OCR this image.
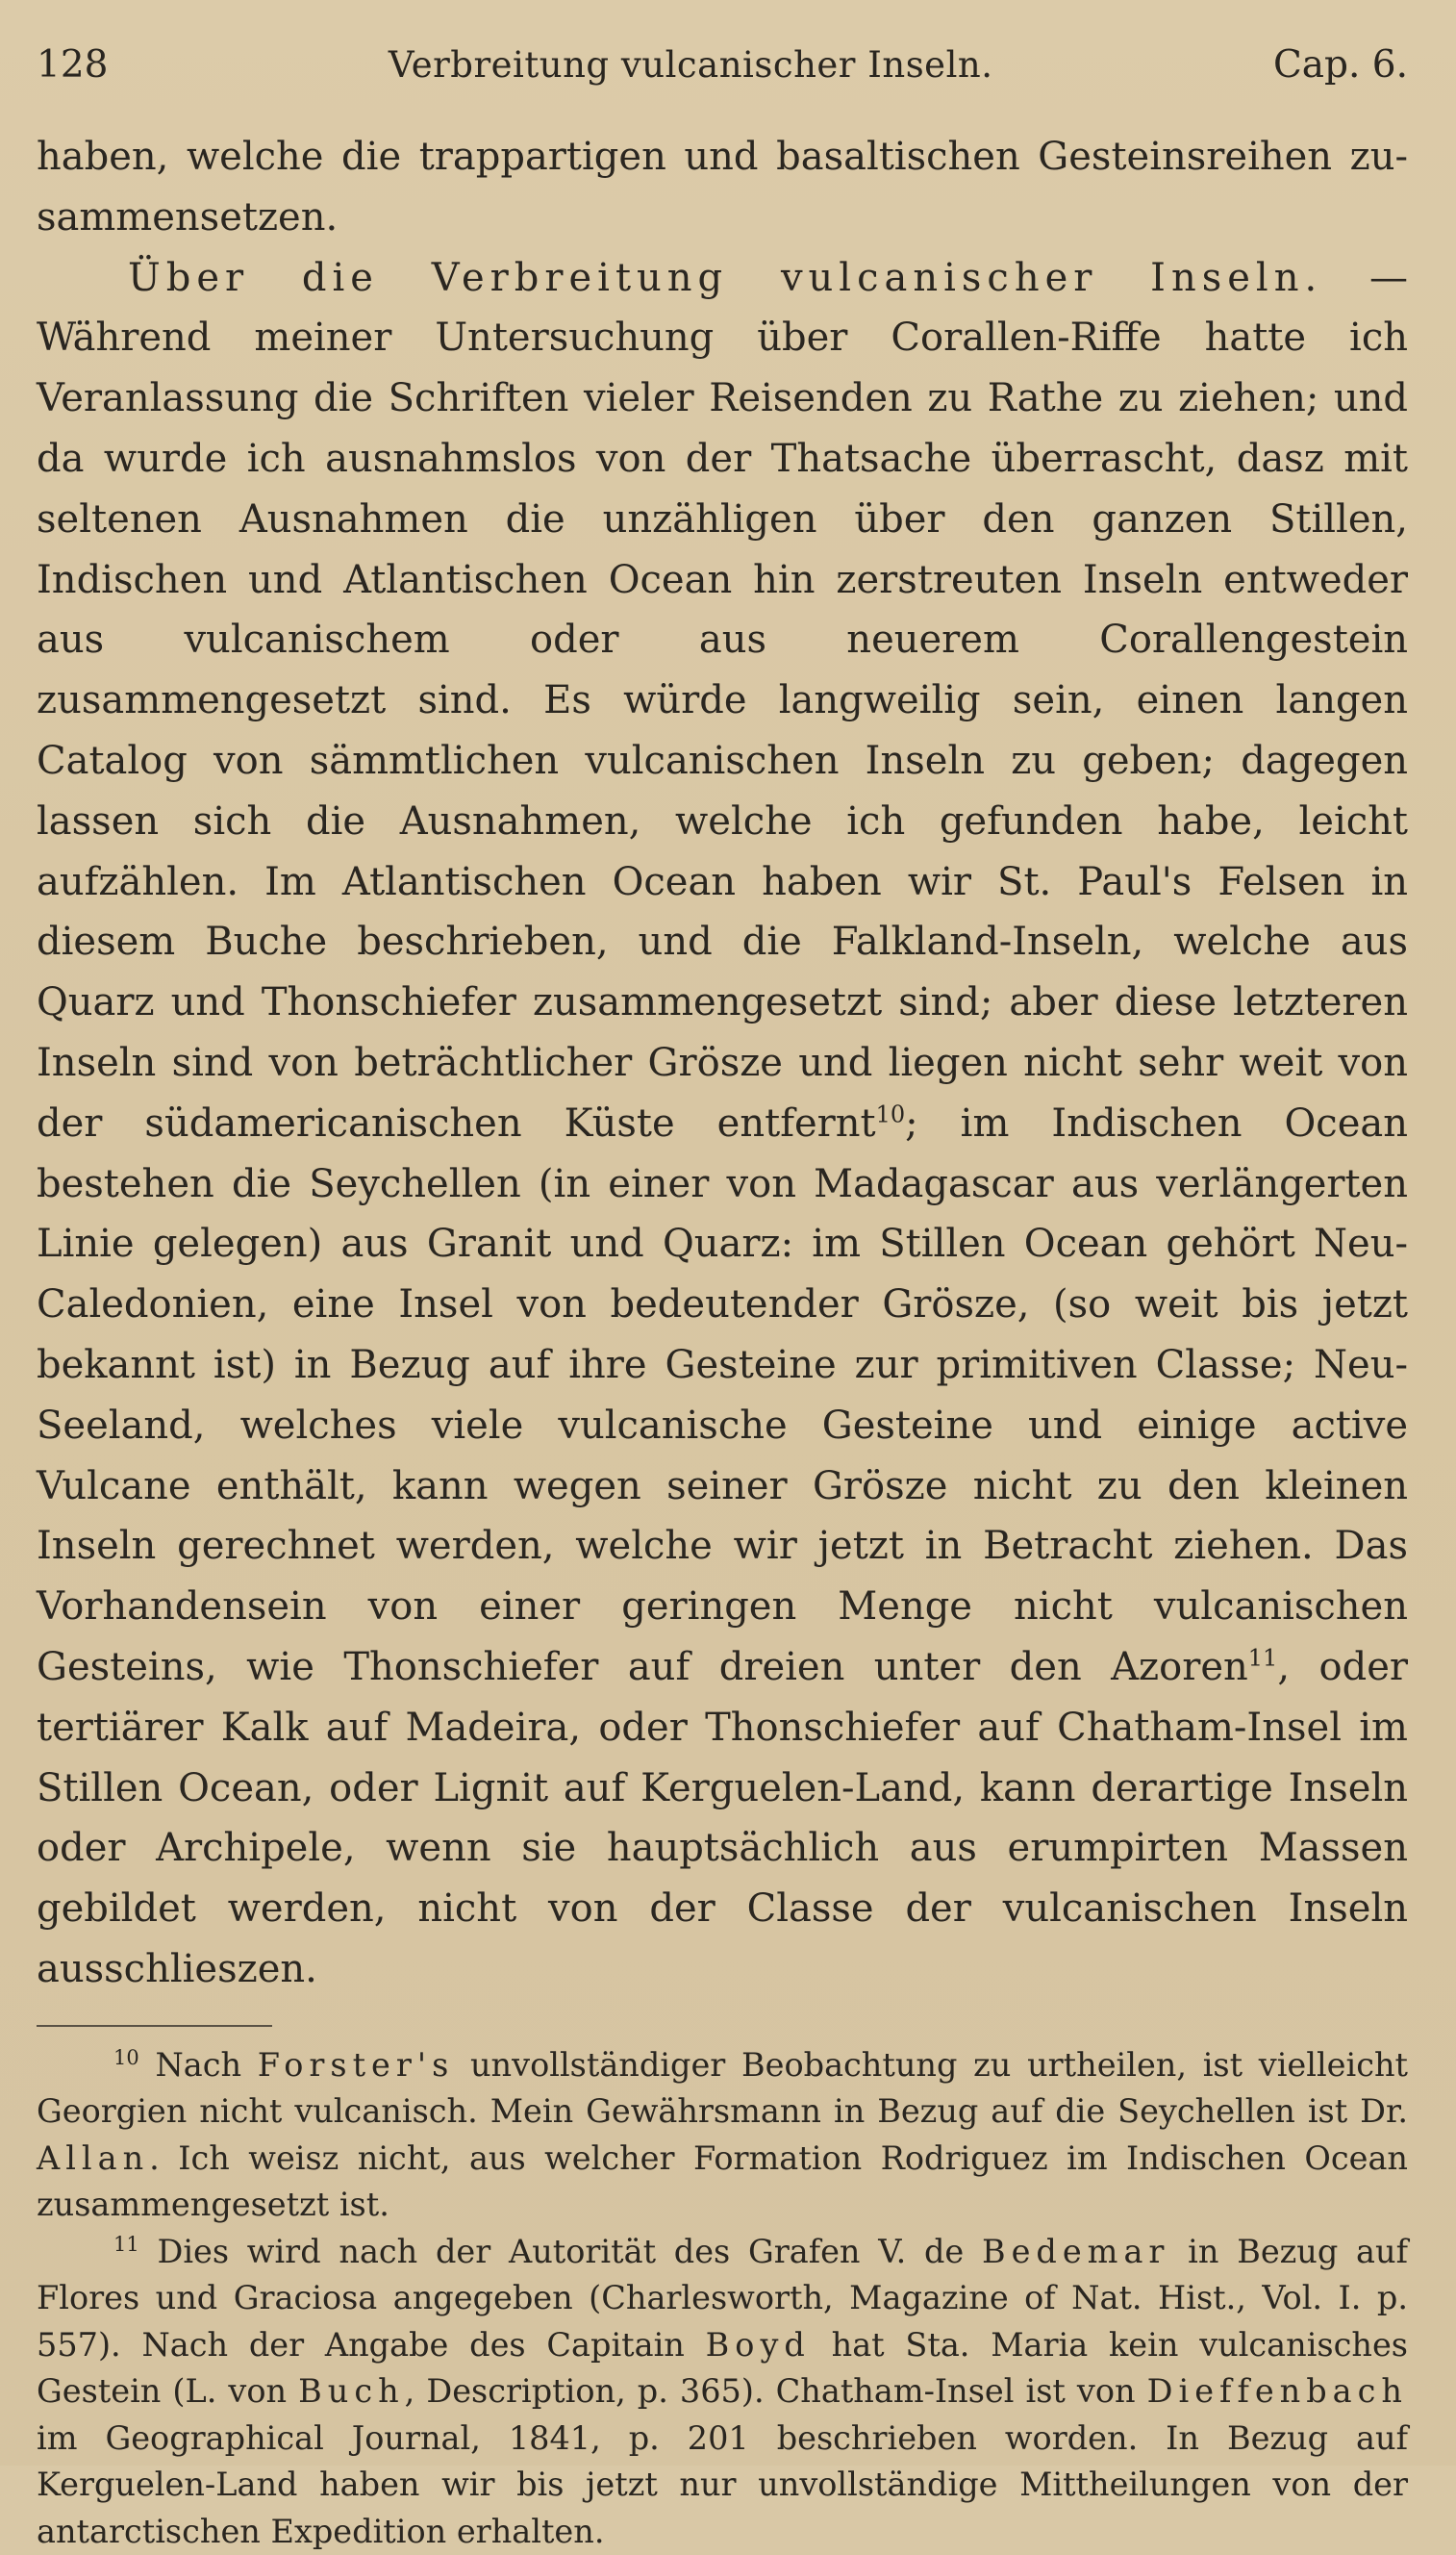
128	Verbreitung vulcanischer Inseln.	Cap. 6.

haben, welche die trappartigen und basaltischen Gesteinsreihen zusammensetzen.

Über die Verbreitung vulcanischer Inseln. — Während meiner Untersuchung über Corallen-Riffe hatte ich Veranlassung die Schriften vieler Reisenden zu Rathe zu ziehen; und da wurde ich ausnahmslos von der Thatsache überrascht, dasz mit seltenen Ausnahmen die unzähligen über den ganzen Stillen, Indischen und Atlantischen Ocean hin zerstreuten Inseln entweder aus vulcanischem oder aus neuerem Corallengestein zusammengesetzt sind. Es würde langweilig sein, einen langen Catalog von sämmtlichen vulcanischen Inseln zu geben; dagegen lassen sich die Ausnahmen, welche ich gefunden habe, leicht aufzählen. Im Atlantischen Ocean haben wir St. Paul's Felsen in diesem Buche beschrieben, und die Falkland-Inseln, welche aus Quarz und Thonschiefer zusammengesetzt sind; aber diese letzteren Inseln sind von beträchtlicher Grösze und liegen nicht sehr weit von der südamericanischen Küste entfernt$^{10}$; im Indischen Ocean bestehen die Seychellen (in einer von Madagascar aus verlängerten Linie gelegen) aus Granit und Quarz: im Stillen Ocean gehört Neu-Caledonien, eine Insel von bedeutender Grösze, (so weit bis jetzt bekannt ist) in Bezug auf ihre Gesteine zur primitiven Classe; Neu-Seeland, welches viele vulcanische Gesteine und einige active Vulcane enthält, kann wegen seiner Grösze nicht zu den kleinen Inseln gerechnet werden, welche wir jetzt in Betracht ziehen. Das Vorhandensein von einer geringen Menge nicht vulcanischen Gesteins, wie Thonschiefer auf dreien unter den Azoren$^{11}$, oder tertiärer Kalk auf Madeira, oder Thonschiefer auf Chatham-Insel im Stillen Ocean, oder Lignit auf Kerguelen-Land, kann derartige Inseln oder Archipele, wenn sie hauptsächlich aus erumpirten Massen gebildet werden, nicht von der Classe der vulcanischen Inseln ausschlieszen.

$^{10}$ Nach Forster's unvollständiger Beobachtung zu urtheilen, ist vielleicht Georgien nicht vulcanisch. Mein Gewährsmann in Bezug auf die Seychellen ist Dr. Allan. Ich weisz nicht, aus welcher Formation Rodriguez im Indischen Ocean zusammengesetzt ist.

$^{11}$ Dies wird nach der Autorität des Grafen V. de Bedemar in Bezug auf Flores und Graciosa angegeben (Charlesworth, Magazine of Nat. Hist., Vol. I. p. 557). Nach der Angabe des Capitain Boyd hat Sta. Maria kein vulcanisches Gestein (L. von Buch, Description, p. 365). Chatham-Insel ist von Dieffenbach im Geographical Journal, 1841, p. 201 beschrieben worden. In Bezug auf Kerguelen-Land haben wir bis jetzt nur unvollständige Mittheilungen von der antarctischen Expedition erhalten.
